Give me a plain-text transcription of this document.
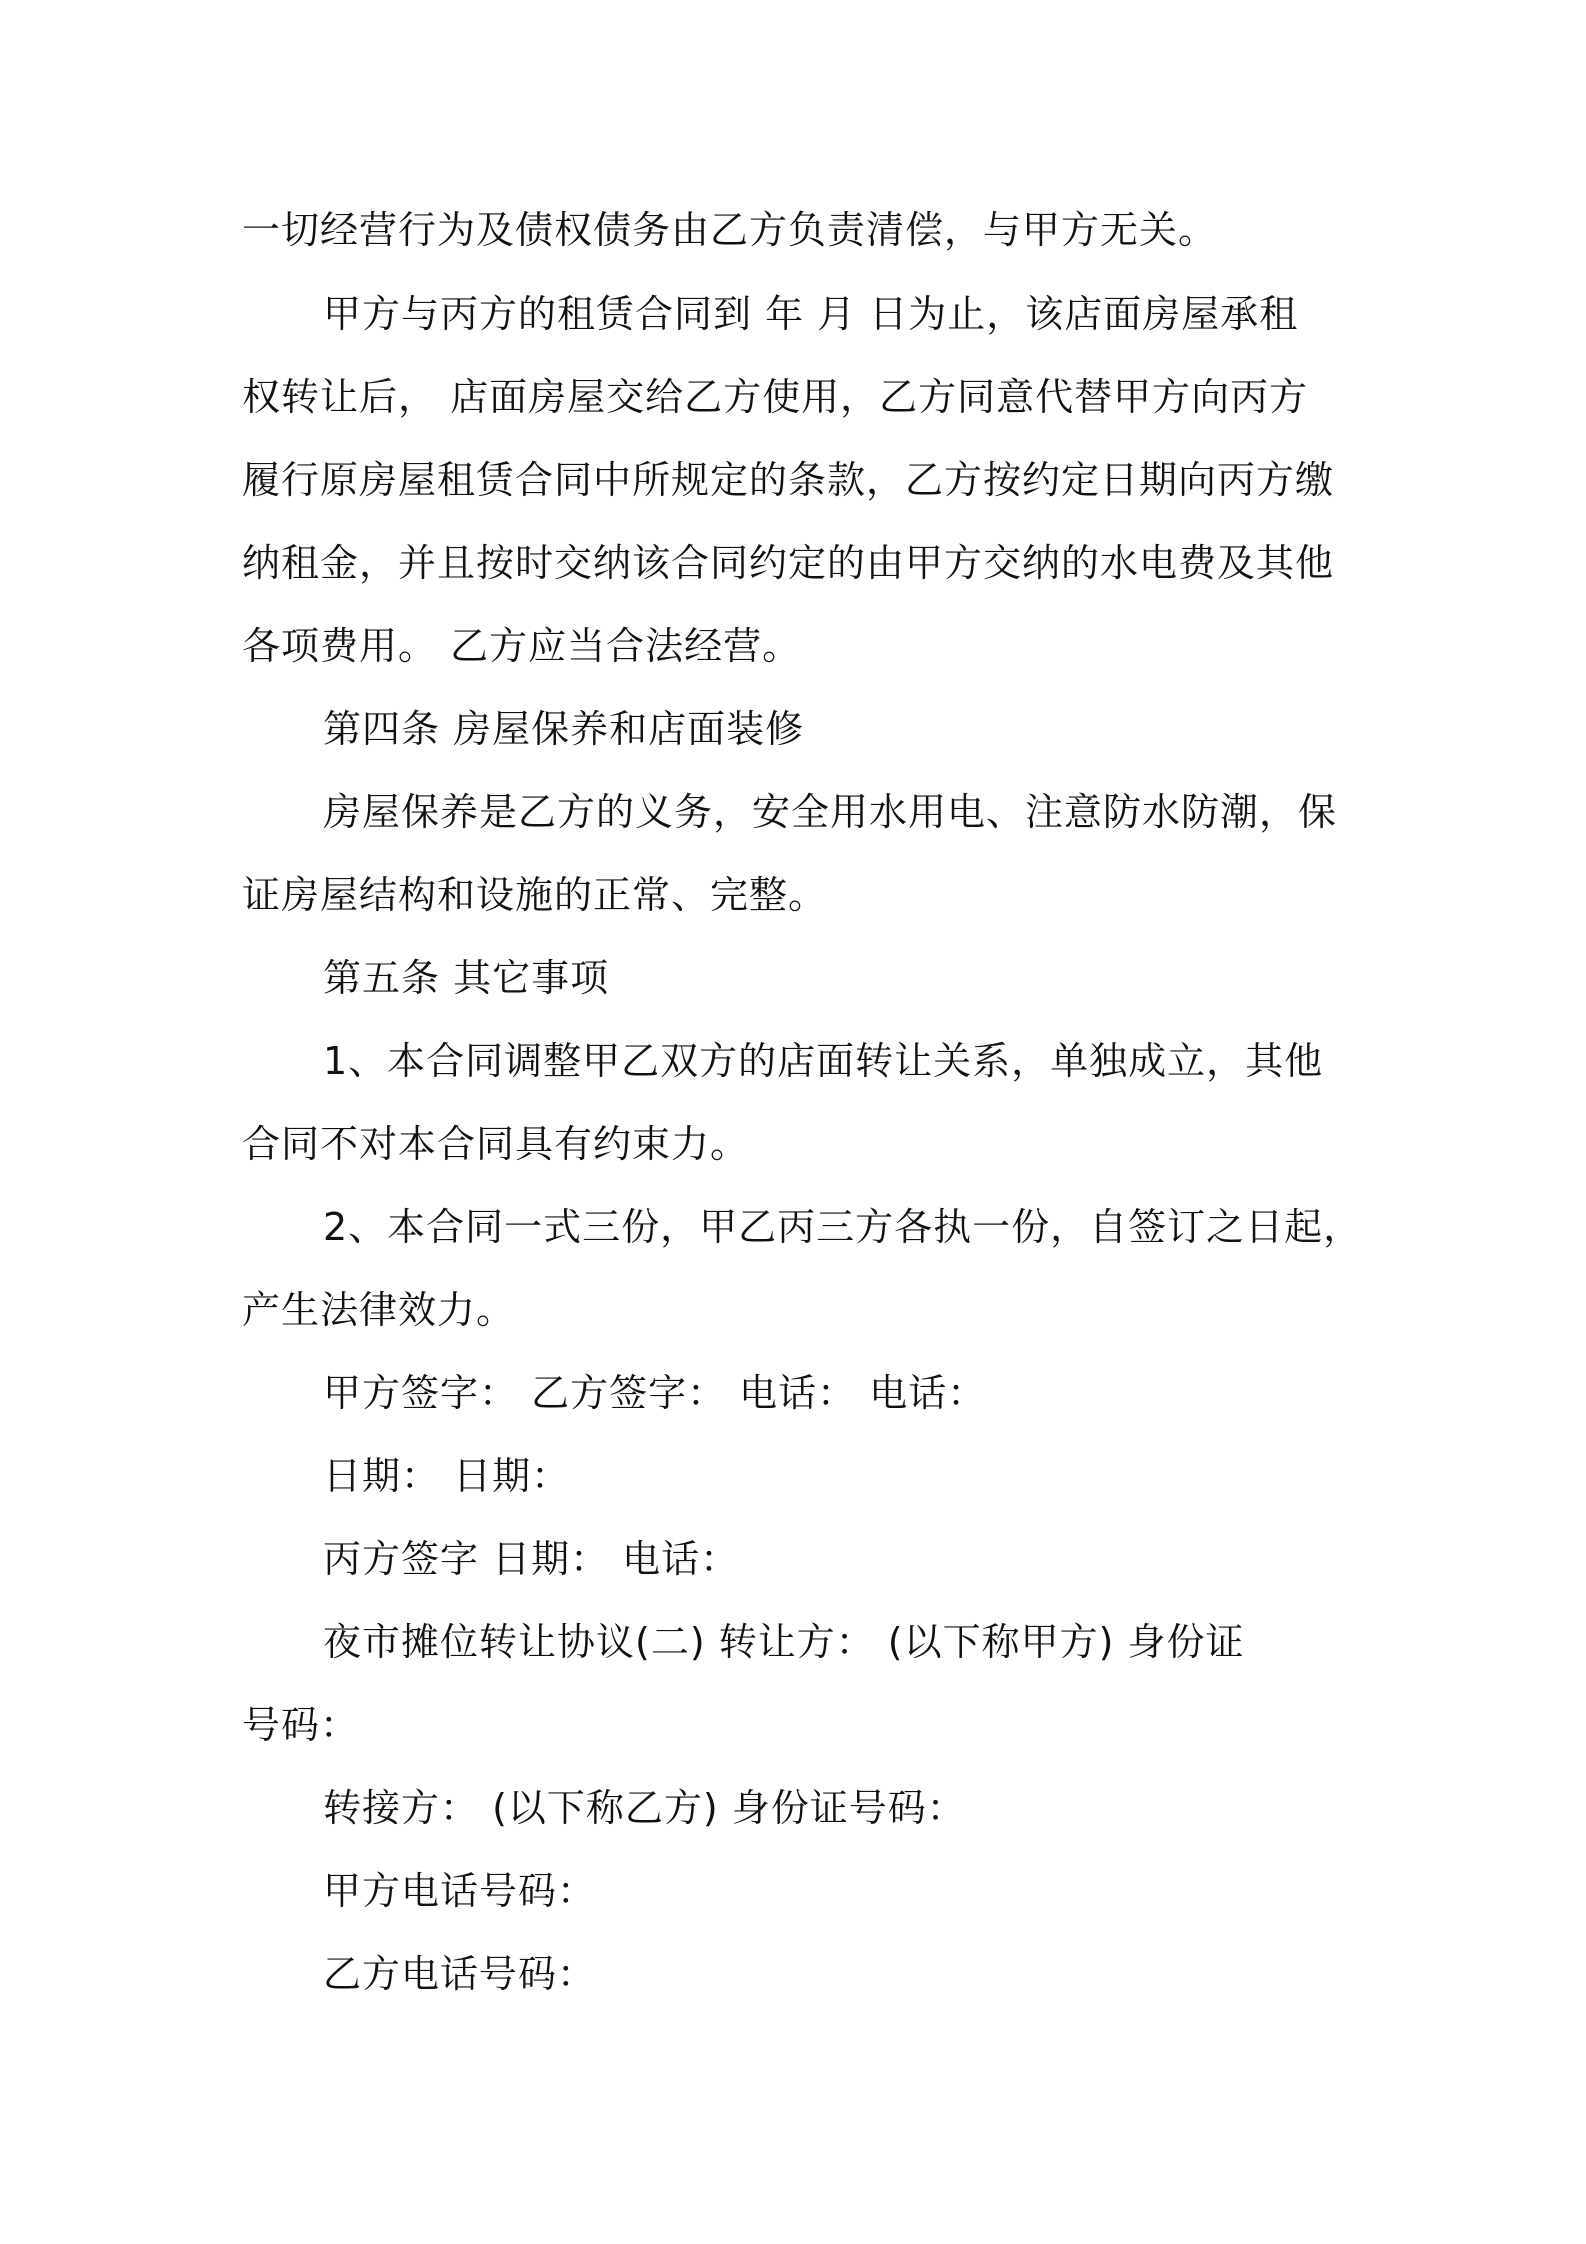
一切经营行为及债权债务由乙方负责清偿，与甲方无关。
甲方与丙方的租赁合同到 年 月 日为止，该店面房屋承租
权转让后， 店面房屋交给乙方使用，乙方同意代替甲方向丙方
履行原房屋租赁合同中所规定的条款，乙方按约定日期向丙方缴
纳租金，并且按时交纳该合同约定的由甲方交纳的水电费及其他
各项费用。 乙方应当合法经营。
第四条 房屋保养和店面装修
房屋保养是乙方的义务，安全用水用电、注意防水防潮，保
证房屋结构和设施的正常、完整。
第五条 其它事项
1、本合同调整甲乙双方的店面转让关系，单独成立，其他
合同不对本合同具有约束力。
2、本合同一式三份，甲乙丙三方各执一份，自签订之日起，
产生法律效力。
甲方签字： 乙方签字： 电话： 电话：
日期： 日期：
丙方签字 日期： 电话：
夜市摊位转让协议(二) 转让方： (以下称甲方) 身份证
号码：
转接方： (以下称乙方) 身份证号码：
甲方电话号码：
乙方电话号码：
